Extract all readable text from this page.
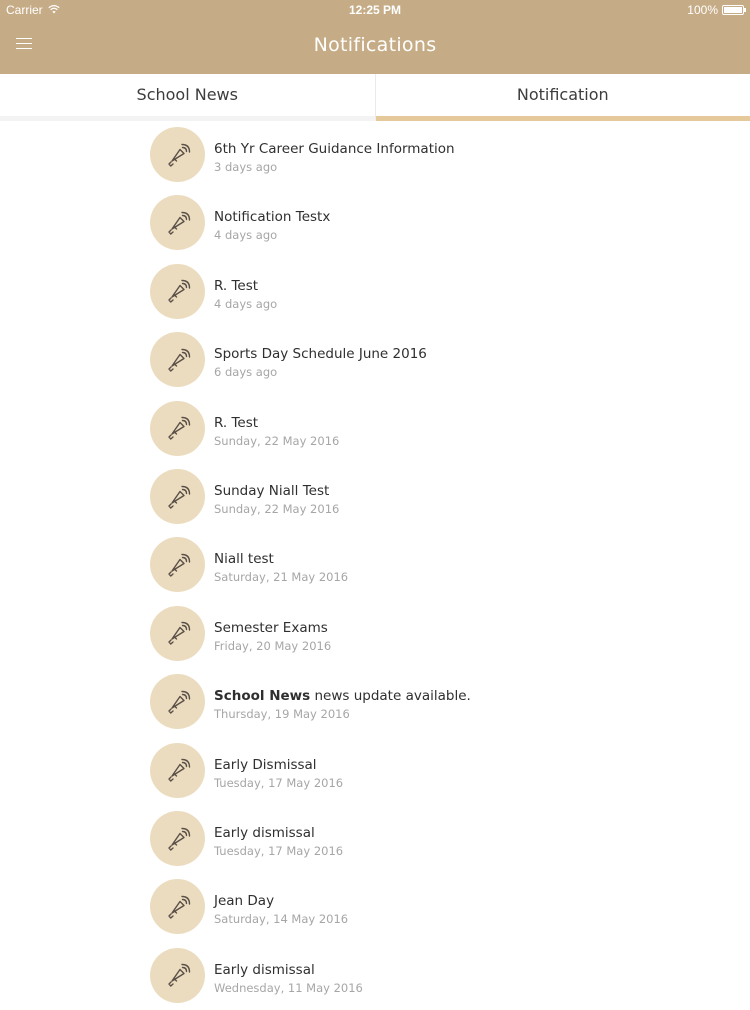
Carrier	12:25 PM	100%
Notifications
School News	Notification
6th Yr Career Guidance Information
3 days ago
Notification Testx
4 days ago
R. Test
4 days ago
Sports Day Schedule June 2016
6 days ago
R. Test
Sunday, 22 May 2016
Sunday Niall Test
Sunday, 22 May 2016
Niall test
Saturday, 21 May 2016
Semester Exams
Friday, 20 May 2016
School News news update available.
Thursday, 19 May 2016
Early Dismissal
Tuesday, 17 May 2016
Early dismissal
Tuesday, 17 May 2016
Jean Day
Saturday, 14 May 2016
Early dismissal
Wednesday, 11 May 2016
